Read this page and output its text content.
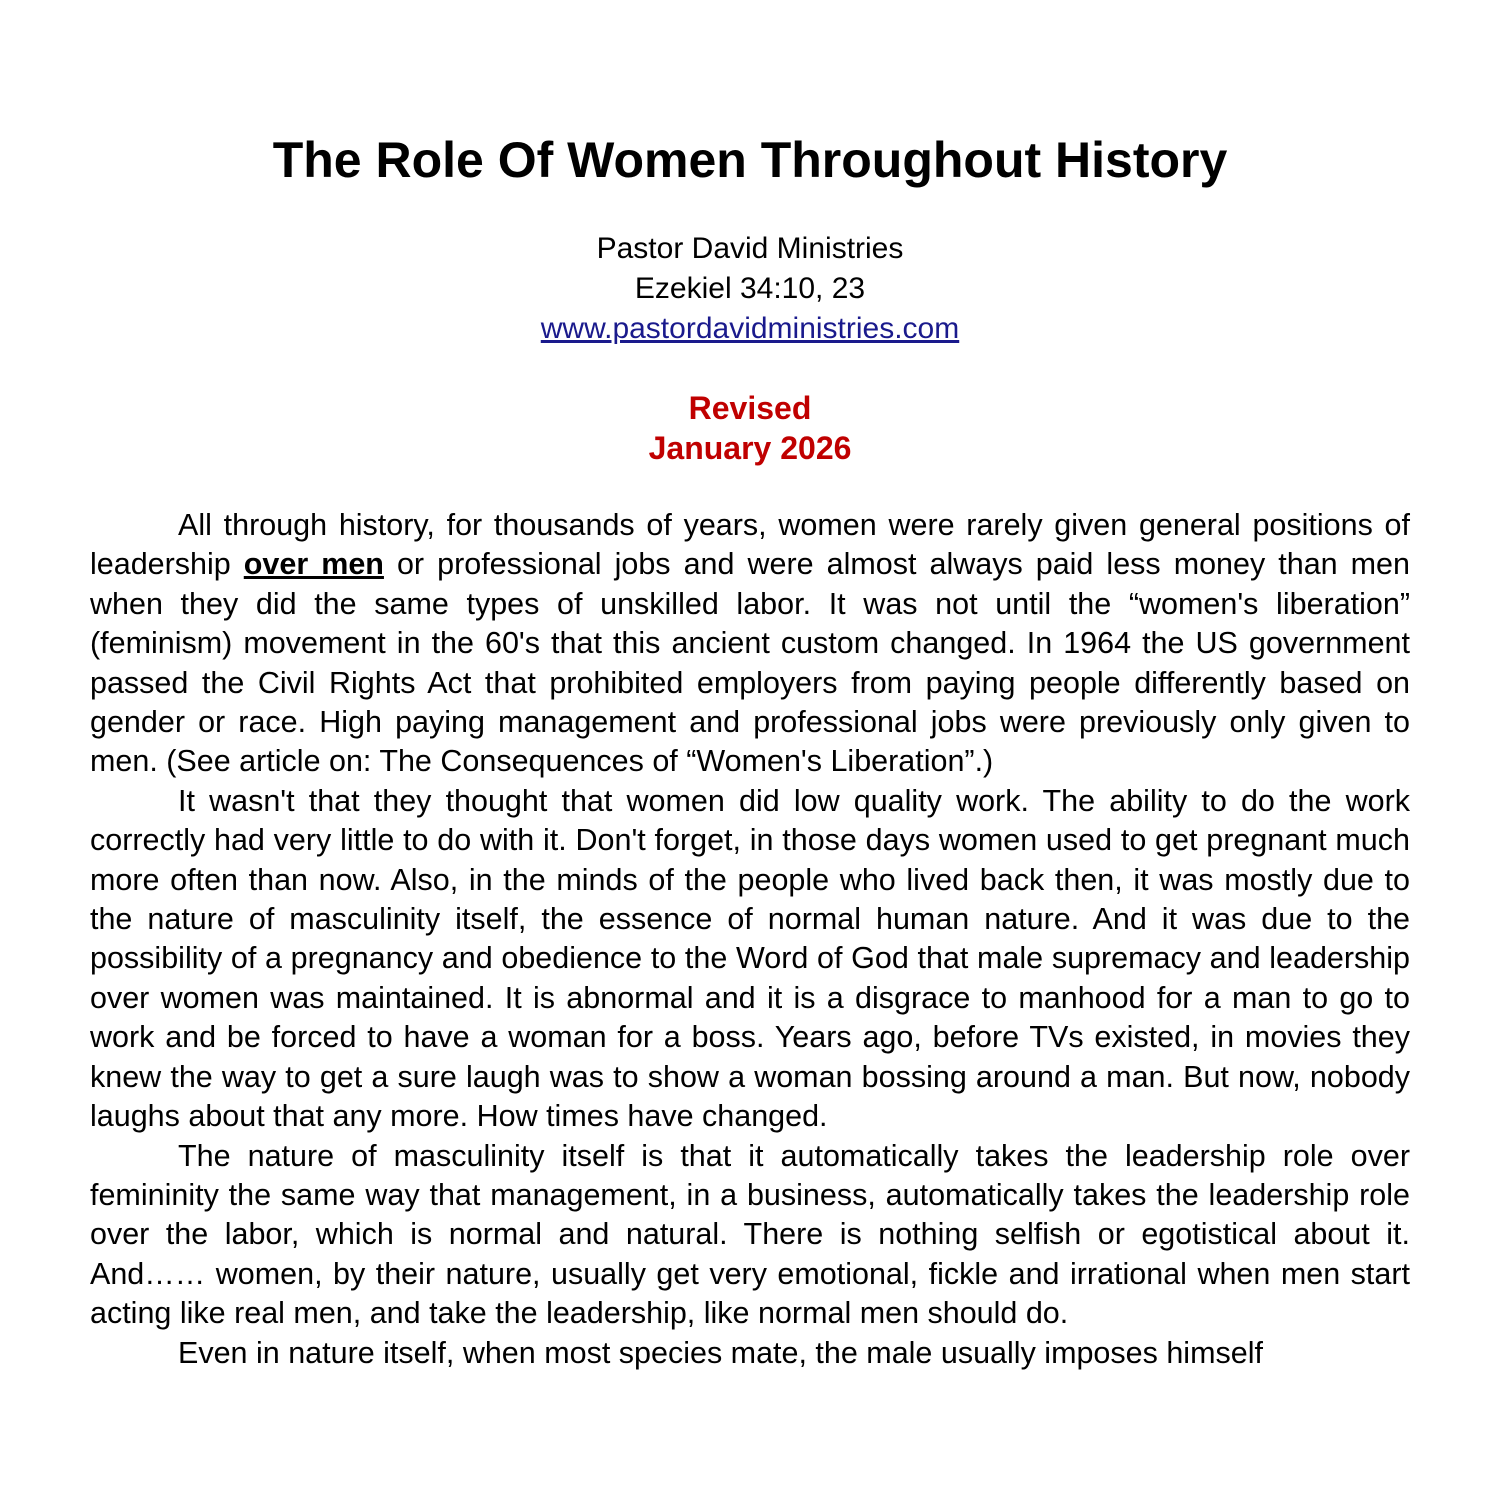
The Role Of Women Throughout History
Pastor David Ministries
Ezekiel 34:10, 23
www.pastordavidministries.com
Revised
January 2026

All through history, for thousands of years, women were rarely given general positions of leadership over men or professional jobs and were almost always paid less money than men when they did the same types of unskilled labor. It was not until the “women's liberation” (feminism) movement in the 60's that this ancient custom changed. In 1964 the US government passed the Civil Rights Act that prohibited employers from paying people differently based on gender or race. High paying management and professional jobs were previously only given to men. (See article on: The Consequences of “Women's Liberation”.)

It wasn't that they thought that women did low quality work. The ability to do the work correctly had very little to do with it. Don't forget, in those days women used to get pregnant much more often than now. Also, in the minds of the people who lived back then, it was mostly due to the nature of masculinity itself, the essence of normal human nature. And it was due to the possibility of a pregnancy and obedience to the Word of God that male supremacy and leadership over women was maintained. It is abnormal and it is a disgrace to manhood for a man to go to work and be forced to have a woman for a boss. Years ago, before TVs existed, in movies they knew the way to get a sure laugh was to show a woman bossing around a man. But now, nobody laughs about that any more. How times have changed.

The nature of masculinity itself is that it automatically takes the leadership role over femininity the same way that management, in a business, automatically takes the leadership role over the labor, which is normal and natural. There is nothing selfish or egotistical about it. And…… women, by their nature, usually get very emotional, fickle and irrational when men start acting like real men, and take the leadership, like normal men should do.

Even in nature itself, when most species mate, the male usually imposes himself
